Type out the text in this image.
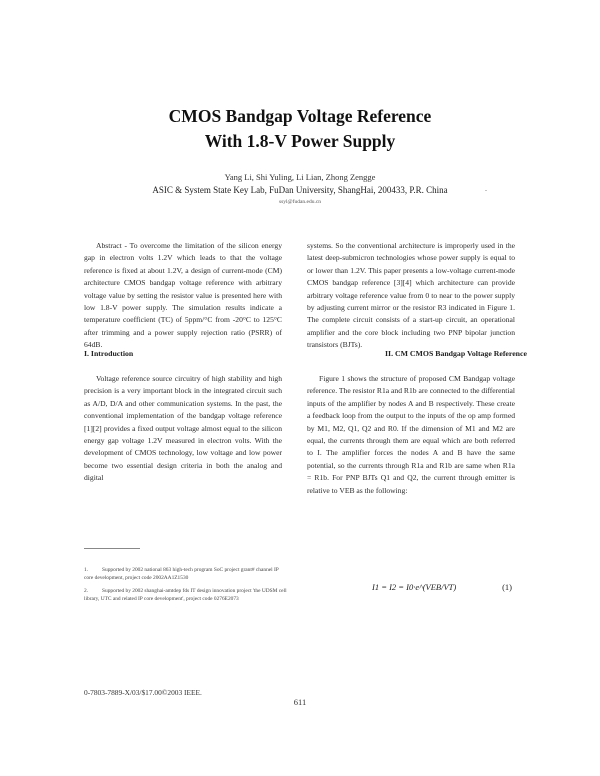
CMOS Bandgap Voltage Reference
With 1.8-V Power Supply
Yang Li, Shi Yuling, Li Lian, Zhong Zengge
ASIC & System State Key Lab, FuDan University, ShangHai, 200433, P.R. China	.
ssyl@fudan.edu.cn

Abstract - To overcome the limitation of the silicon energy gap in electron volts 1.2V which leads to that the voltage reference is fixed at about 1.2V, a design of current-mode (CM) architecture CMOS bandgap voltage reference with arbitrary voltage value by setting the resistor value is presented here with low 1.8-V power supply. The simulation results indicate a temperature coefficient (TC) of 5ppm/°C from -20°C to 125°C after trimming and a power supply rejection ratio (PSRR) of 64dB.

systems. So the conventional architecture is improperly used in the latest deep-submicron technologies whose power supply is equal to or lower than 1.2V. This paper presents a low-voltage current-mode CMOS bandgap reference [3][4] which architecture can provide arbitrary voltage reference value from 0 to near to the power supply by adjusting current mirror or the resistor R3 indicated in Figure 1. The complete circuit consists of a start-up circuit, an operational amplifier and the core block including two PNP bipolar junction transistors (BJTs).

I. Introduction	II. CM CMOS Bandgap Voltage Reference

Voltage reference source circuitry of high stability and high precision is a very important block in the integrated circuit such as A/D, D/A and other communication systems. In the past, the conventional implementation of the bandgap voltage reference [1][2] provides a fixed output voltage almost equal to the silicon energy gap voltage 1.2V measured in electron volts. With the development of CMOS technology, low voltage and low power become two essential design criteria in both the analog and digital

Figure 1 shows the structure of proposed CM Bandgap voltage reference. The resistor R1a and R1b are connected to the differential inputs of the amplifier by nodes A and B respectively. These create a feedback loop from the output to the inputs of the op amp formed by M1, M2, Q1, Q2 and R0. If the dimension of M1 and M2 are equal, the currents through them are equal which are both referred to I. The amplifier forces the nodes A and B have the same potential, so the currents through R1a and R1b are same when R1a = R1b. For PNP BJTs Q1 and Q2, the current through emitter is relative to VEB as the following:

1.	Supported by 2002 national 863 high-tech program SoC project grant# channel IP core development, project code 2002AA1Z1530
2.	Supported by 2002 shanghai-amtdep fds IT design innovation project 'the UDSM cell library, UTC and related IP core development', project code 0276E2073
I1 = I2 = I0·e^(VEB/VT)	(1)
0-7803-7889-X/03/$17.00©2003 IEEE.
611
